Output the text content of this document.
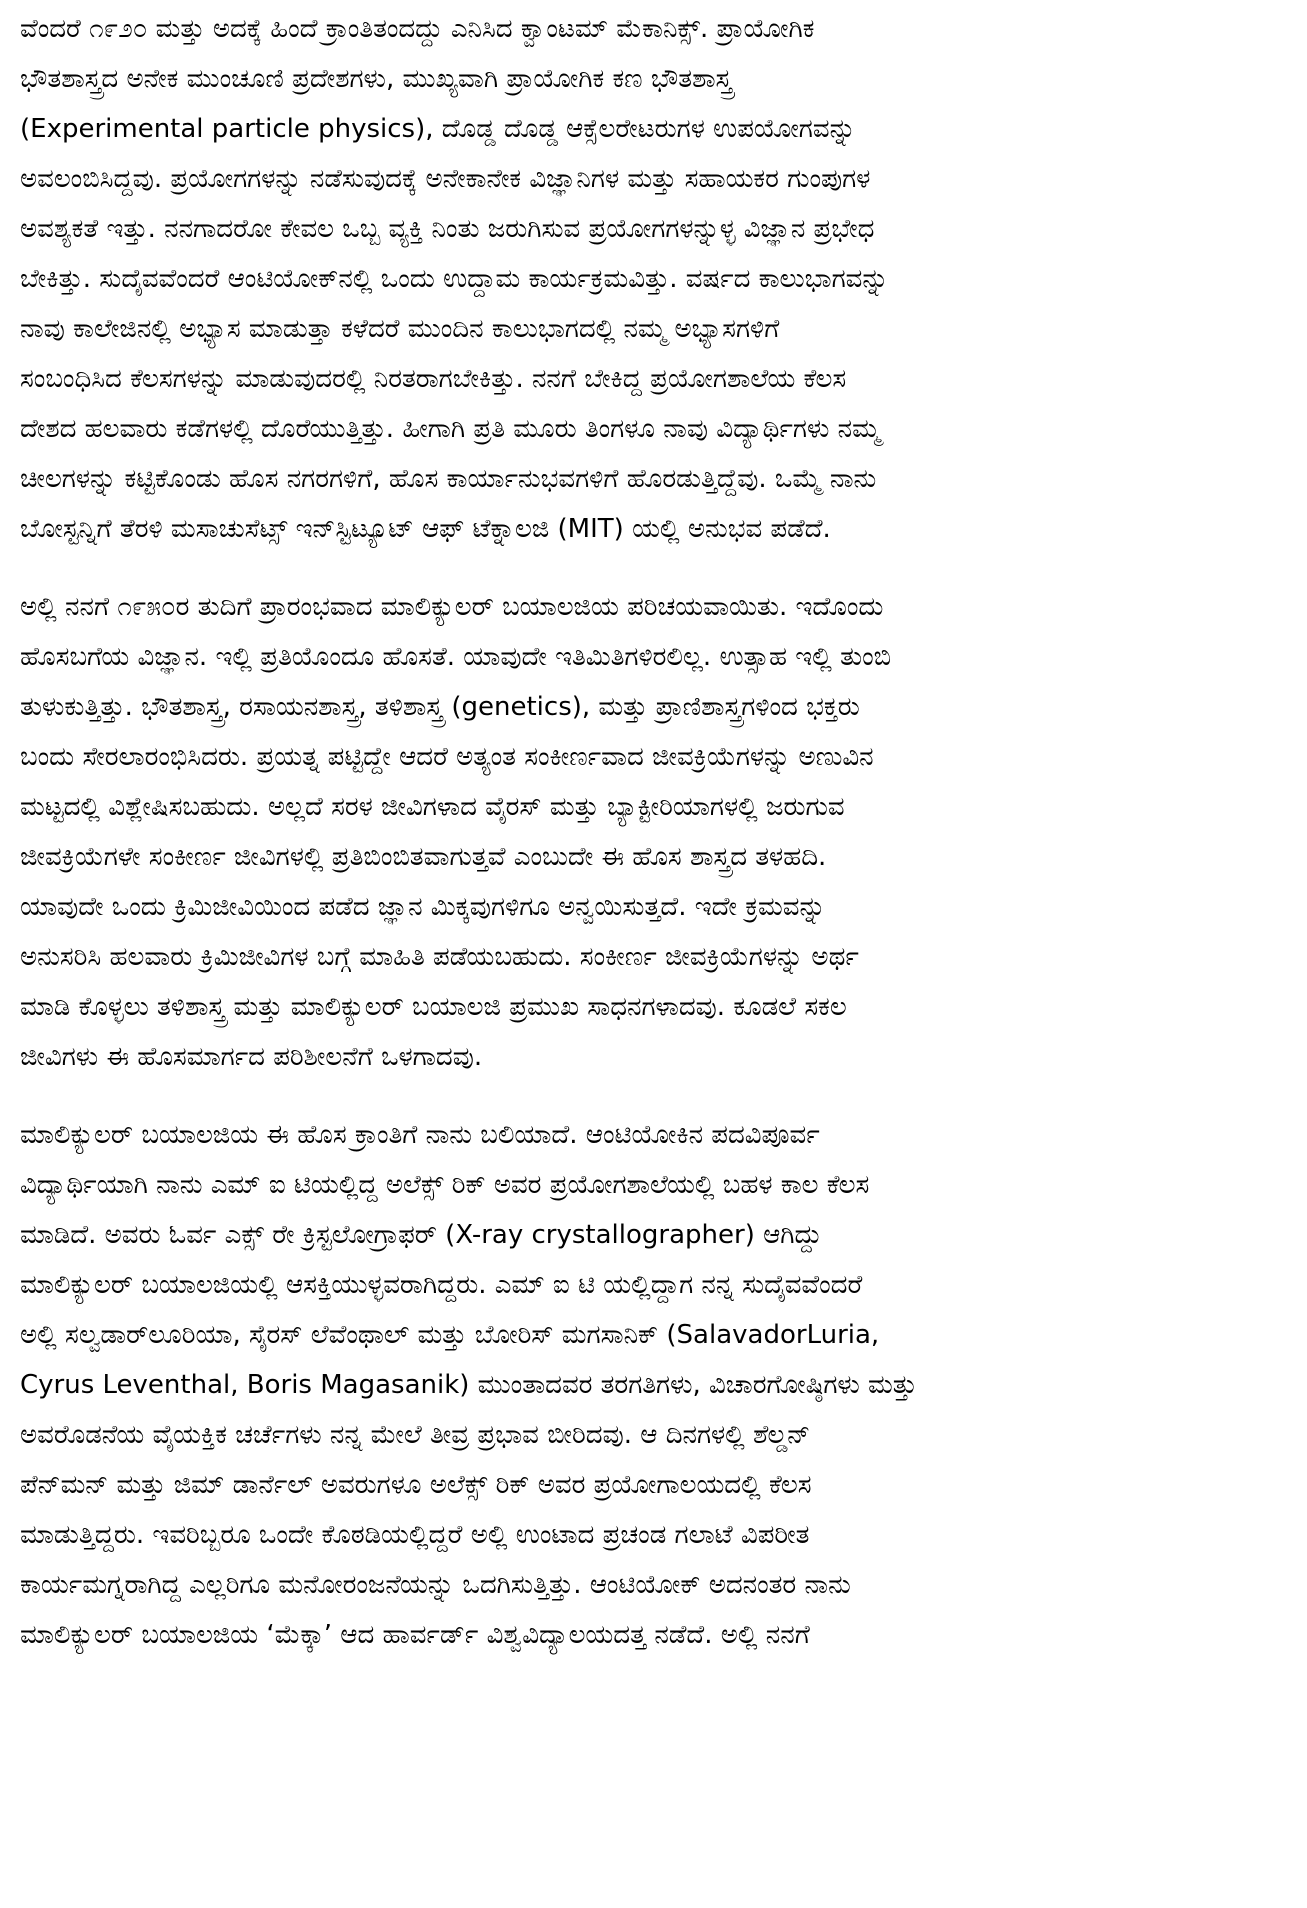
ವೆಂದರೆ ೧೯೨೦ ಮತ್ತು ಅದಕ್ಕೆ ಹಿಂದೆ ಕ್ರಾಂತಿತಂದದ್ದು ಎನಿಸಿದ ಕ್ವಾಂಟಮ್ ಮೆಕಾನಿಕ್ಸ್. ಪ್ರಾಯೋಗಿಕ
ಭೌತಶಾಸ್ತ್ರದ ಅನೇಕ ಮುಂಚೂಣಿ ಪ್ರದೇಶಗಳು, ಮುಖ್ಯವಾಗಿ ಪ್ರಾಯೋಗಿಕ ಕಣ ಭೌತಶಾಸ್ತ್ರ
(Experimental particle physics), ದೊಡ್ಡ ದೊಡ್ಡ ಆಕ್ಸೆಲರೇಟರುಗಳ ಉಪಯೋಗವನ್ನು
ಅವಲಂಬಿಸಿದ್ದವು. ಪ್ರಯೋಗಗಳನ್ನು ನಡೆಸುವುದಕ್ಕೆ ಅನೇಕಾನೇಕ ವಿಜ್ಞಾನಿಗಳ ಮತ್ತು ಸಹಾಯಕರ ಗುಂಪುಗಳ
ಅವಶ್ಯಕತೆ ಇತ್ತು. ನನಗಾದರೋ ಕೇವಲ ಒಬ್ಬ ವ್ಯಕ್ತಿ ನಿಂತು ಜರುಗಿಸುವ ಪ್ರಯೋಗಗಳನ್ನುಳ್ಳ ವಿಜ್ಞಾನ ಪ್ರಭೇಧ
ಬೇಕಿತ್ತು. ಸುದೈವವೆಂದರೆ ಆಂಟಿಯೋಕ್‌ನಲ್ಲಿ ಒಂದು ಉದ್ದಾಮ ಕಾರ್ಯಕ್ರಮವಿತ್ತು. ವರ್ಷದ ಕಾಲುಭಾಗವನ್ನು
ನಾವು ಕಾಲೇಜಿನಲ್ಲಿ ಅಭ್ಯಾಸ ಮಾಡುತ್ತಾ ಕಳೆದರೆ ಮುಂದಿನ ಕಾಲುಭಾಗದಲ್ಲಿ ನಮ್ಮ ಅಭ್ಯಾಸಗಳಿಗೆ
ಸಂಬಂಧಿಸಿದ ಕೆಲಸಗಳನ್ನು ಮಾಡುವುದರಲ್ಲಿ ನಿರತರಾಗಬೇಕಿತ್ತು. ನನಗೆ ಬೇಕಿದ್ದ ಪ್ರಯೋಗಶಾಲೆಯ ಕೆಲಸ
ದೇಶದ ಹಲವಾರು ಕಡೆಗಳಲ್ಲಿ ದೊರೆಯುತ್ತಿತ್ತು. ಹೀಗಾಗಿ ಪ್ರತಿ ಮೂರು ತಿಂಗಳೂ ನಾವು ವಿದ್ಯಾರ್ಥಿಗಳು ನಮ್ಮ
ಚೀಲಗಳನ್ನು ಕಟ್ಟಿಕೊಂಡು ಹೊಸ ನಗರಗಳಿಗೆ, ಹೊಸ ಕಾರ್ಯಾನುಭವಗಳಿಗೆ ಹೊರಡುತ್ತಿದ್ದೆವು. ಒಮ್ಮೆ ನಾನು
ಬೋಸ್ಟನ್ನಿಗೆ ತೆರಳಿ ಮಸಾಚುಸೆಟ್ಸ್ ಇನ್‌ಸ್ಟಿಟ್ಯೂಟ್ ಆಫ್ ಟೆಕ್ನಾಲಜಿ (MIT) ಯಲ್ಲಿ ಅನುಭವ ಪಡೆದೆ.
ಅಲ್ಲಿ ನನಗೆ ೧೯೫೦ರ ತುದಿಗೆ ಪ್ರಾರಂಭವಾದ ಮಾಲಿಕ್ಯುಲರ್ ಬಯಾಲಜಿಯ ಪರಿಚಯವಾಯಿತು. ಇದೊಂದು
ಹೊಸಬಗೆಯ ವಿಜ್ಞಾನ. ಇಲ್ಲಿ ಪ್ರತಿಯೊಂದೂ ಹೊಸತೆ. ಯಾವುದೇ ಇತಿಮಿತಿಗಳಿರಲಿಲ್ಲ. ಉತ್ಸಾಹ ಇಲ್ಲಿ ತುಂಬಿ
ತುಳುಕುತ್ತಿತ್ತು. ಭೌತಶಾಸ್ತ್ರ, ರಸಾಯನಶಾಸ್ತ್ರ, ತಳಿಶಾಸ್ತ್ರ (genetics), ಮತ್ತು ಪ್ರಾಣಿಶಾಸ್ತ್ರಗಳಿಂದ ಭಕ್ತರು
ಬಂದು ಸೇರಲಾರಂಭಿಸಿದರು. ಪ್ರಯತ್ನ ಪಟ್ಟಿದ್ದೇ ಆದರೆ ಅತ್ಯಂತ ಸಂಕೀರ್ಣವಾದ ಜೀವಕ್ರಿಯೆಗಳನ್ನು ಅಣುವಿನ
ಮಟ್ಟದಲ್ಲಿ ವಿಶ್ಲೇಷಿಸಬಹುದು. ಅಲ್ಲದೆ ಸರಳ ಜೀವಿಗಳಾದ ವೈರಸ್ ಮತ್ತು ಬ್ಯಾಕ್ಟೀರಿಯಾಗಳಲ್ಲಿ ಜರುಗುವ
ಜೀವಕ್ರಿಯೆಗಳೇ ಸಂಕೀರ್ಣ ಜೀವಿಗಳಲ್ಲಿ ಪ್ರತಿಬಿಂಬಿತವಾಗುತ್ತವೆ ಎಂಬುದೇ ಈ ಹೊಸ ಶಾಸ್ತ್ರದ ತಳಹದಿ.
ಯಾವುದೇ ಒಂದು ಕ್ರಿಮಿಜೀವಿಯಿಂದ ಪಡೆದ ಜ್ಞಾನ ಮಿಕ್ಕವುಗಳಿಗೂ ಅನ್ವಯಿಸುತ್ತದೆ. ಇದೇ ಕ್ರಮವನ್ನು
ಅನುಸರಿಸಿ ಹಲವಾರು ಕ್ರಿಮಿಜೀವಿಗಳ ಬಗ್ಗೆ ಮಾಹಿತಿ ಪಡೆಯಬಹುದು. ಸಂಕೀರ್ಣ ಜೀವಕ್ರಿಯೆಗಳನ್ನು ಅರ್ಥ
ಮಾಡಿ ಕೊಳ್ಳಲು ತಳಿಶಾಸ್ತ್ರ ಮತ್ತು ಮಾಲಿಕ್ಯುಲರ್ ಬಯಾಲಜಿ ಪ್ರಮುಖ ಸಾಧನಗಳಾದವು. ಕೂಡಲೆ ಸಕಲ
ಜೀವಿಗಳು ಈ ಹೊಸಮಾರ್ಗದ ಪರಿಶೀಲನೆಗೆ ಒಳಗಾದವು.
ಮಾಲಿಕ್ಯುಲರ್ ಬಯಾಲಜಿಯ ಈ ಹೊಸ ಕ್ರಾಂತಿಗೆ ನಾನು ಬಲಿಯಾದೆ. ಆಂಟಿಯೋಕಿನ ಪದವಿಪೂರ್ವ
ವಿದ್ಯಾರ್ಥಿಯಾಗಿ ನಾನು ಎಮ್ ಐ ಟಿಯಲ್ಲಿದ್ದ ಅಲೆಕ್ಸ್ ರಿಕ್ ಅವರ ಪ್ರಯೋಗಶಾಲೆಯಲ್ಲಿ ಬಹಳ ಕಾಲ ಕೆಲಸ
ಮಾಡಿದೆ. ಅವರು ಓರ್ವ ಎಕ್ಸ್ ರೇ ಕ್ರಿಸ್ಟಲೋಗ್ರಾಫರ್ (X-ray crystallographer) ಆಗಿದ್ದು
ಮಾಲಿಕ್ಯುಲರ್ ಬಯಾಲಜಿಯಲ್ಲಿ ಆಸಕ್ತಿಯುಳ್ಳವರಾಗಿದ್ದರು. ಎಮ್ ಐ ಟಿ ಯಲ್ಲಿದ್ದಾಗ ನನ್ನ ಸುದೈವವೆಂದರೆ
ಅಲ್ಲಿ ಸಲ್ವಡಾರ್‌ಲೂರಿಯಾ, ಸೈರಸ್ ಲೆವೆಂಥಾಲ್ ಮತ್ತು ಬೋರಿಸ್ ಮಗಸಾನಿಕ್ (SalavadorLuria,
Cyrus Leventhal, Boris Magasanik) ಮುಂತಾದವರ ತರಗತಿಗಳು, ವಿಚಾರಗೋಷ್ಠಿಗಳು ಮತ್ತು
ಅವರೊಡನೆಯ ವೈಯಕ್ತಿಕ ಚರ್ಚೆಗಳು ನನ್ನ ಮೇಲೆ ತೀವ್ರ ಪ್ರಭಾವ ಬೀರಿದವು. ಆ ದಿನಗಳಲ್ಲಿ ಶೆಲ್ಡನ್
ಪೆನ್‌ಮನ್ ಮತ್ತು ಜಿಮ್ ಡಾರ್ನೆಲ್ ಅವರುಗಳೂ ಅಲೆಕ್ಸ್ ರಿಕ್ ಅವರ ಪ್ರಯೋಗಾಲಯದಲ್ಲಿ ಕೆಲಸ
ಮಾಡುತ್ತಿದ್ದರು. ಇವರಿಬ್ಬರೂ ಒಂದೇ ಕೊಠಡಿಯಲ್ಲಿದ್ದರೆ ಅಲ್ಲಿ ಉಂಟಾದ ಪ್ರಚಂಡ ಗಲಾಟೆ ವಿಪರೀತ
ಕಾರ್ಯಮಗ್ನರಾಗಿದ್ದ ಎಲ್ಲರಿಗೂ ಮನೋರಂಜನೆಯನ್ನು ಒದಗಿಸುತ್ತಿತ್ತು. ಆಂಟಿಯೋಕ್ ಅದನಂತರ ನಾನು
ಮಾಲಿಕ್ಯುಲರ್ ಬಯಾಲಜಿಯ ‘ಮೆಕ್ಕಾ’ ಆದ ಹಾರ್ವರ್ಡ್ ವಿಶ್ವವಿದ್ಯಾಲಯದತ್ತ ನಡೆದೆ. ಅಲ್ಲಿ ನನಗೆ
